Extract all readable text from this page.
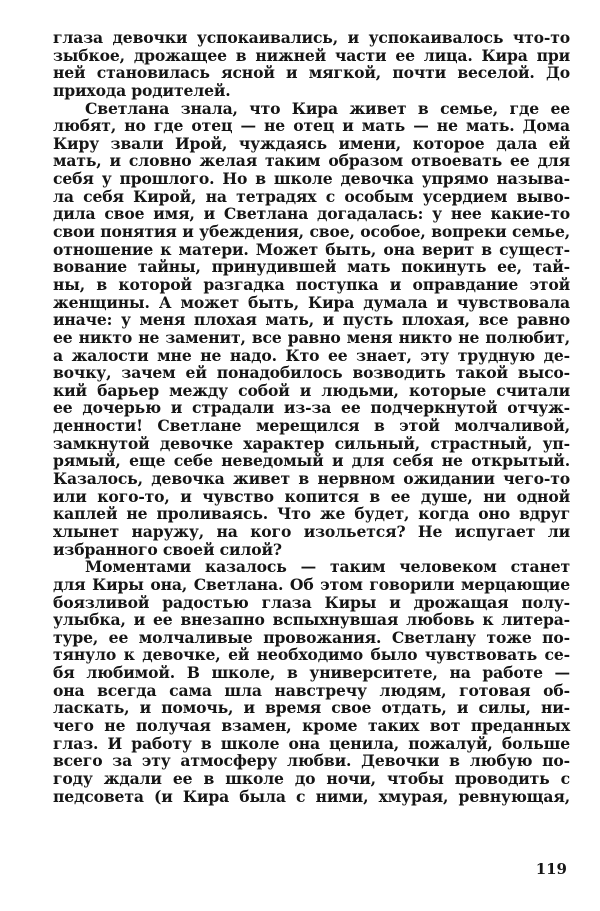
глаза девочки успокаивались, и успокаивалось что-то
зыбкое, дрожащее в нижней части ее лица. Кира при
ней становилась ясной и мягкой, почти веселой. До
прихода родителей.
Светлана знала, что Кира живет в семье, где ее
любят, но где отец — не отец и мать — не мать. Дома
Киру звали Ирой, чуждаясь имени, которое дала ей
мать, и словно желая таким образом отвоевать ее для
себя у прошлого. Но в школе девочка упрямо называ-
ла себя Кирой, на тетрадях с особым усердием выво-
дила свое имя, и Светлана догадалась: у нее какие-то
свои понятия и убеждения, свое, особое, вопреки семье,
отношение к матери. Может быть, она верит в сущест-
вование тайны, принудившей мать покинуть ее, тай-
ны, в которой разгадка поступка и оправдание этой
женщины. А может быть, Кира думала и чувствовала
иначе: у меня плохая мать, и пусть плохая, все равно
ее никто не заменит, все равно меня никто не полюбит,
а жалости мне не надо. Кто ее знает, эту трудную де-
вочку, зачем ей понадобилось возводить такой высо-
кий барьер между собой и людьми, которые считали
ее дочерью и страдали из-за ее подчеркнутой отчуж-
денности! Светлане мерещился в этой молчаливой,
замкнутой девочке характер сильный, страстный, уп-
рямый, еще себе неведомый и для себя не открытый.
Казалось, девочка живет в нервном ожидании чего-то
или кого-то, и чувство копится в ее душе, ни одной
каплей не проливаясь. Что же будет, когда оно вдруг
хлынет наружу, на кого изольется? Не испугает ли
избранного своей силой?
Моментами казалось — таким человеком станет
для Киры она, Светлана. Об этом говорили мерцающие
боязливой радостью глаза Киры и дрожащая полу-
улыбка, и ее внезапно вспыхнувшая любовь к литера-
туре, ее молчаливые провожания. Светлану тоже по-
тянуло к девочке, ей необходимо было чувствовать се-
бя любимой. В школе, в университете, на работе —
она всегда сама шла навстречу людям, готовая об-
ласкать, и помочь, и время свое отдать, и силы, ни-
чего не получая взамен, кроме таких вот преданных
глаз. И работу в школе она ценила, пожалуй, больше
всего за эту атмосферу любви. Девочки в любую по-
году ждали ее в школе до ночи, чтобы проводить с
педсовета (и Кира была с ними, хмурая, ревнующая,
119
